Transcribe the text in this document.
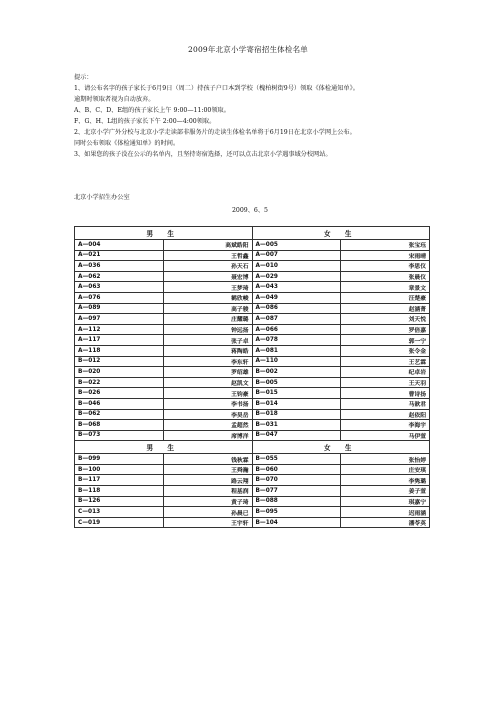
2009年北京小学寄宿招生体检名单
提示：
1、请公布名字的孩子家长于6月9日（周二）持孩子户口本到学校（槐柏树街9号）领取《体检通知单》。
逾期时领取者视为自动放弃。
A、B、C、D、E组的孩子家长上午 9:00—11:00领取。
F、G、H、L组的孩子家长下午 2:00—4:00领取。
2、北京小学广外分校与北京小学走读部非服务片的走读生体检名单将于6月19日在北京小学网上公布。
同时公布领取《体检通知单》的时间。
3、如果您的孩子没在公示的名单内，且坚持寄宿选择，还可以点击北京小学遇事域分校网站。
北京小学招生办公室
2009、6、5
男 生		女 生	
A—004	高斌皓阳	A—005	张宝珏
A—021	王哲鑫	A—007	宋雨晴
A—036	孙天石	A—010	李思仪
A—062	聂宏博	A—029	张晨仪
A—063	王梦琦	A—043	章景文
A—076	鹤欣峻	A—049	汪楚豪
A—089	高子骏	A—086	赵涵菁
A—097	庄耀璐	A—087	刘天悦
A—112	钟远扬	A—066	罗倍嘉
A—117	张子卓	A—078	郭一宁
A—118	蒋陶皓	A—081	张令金
B—012	李东轩	A—110	王艺霖
B—020	罗绍雄	B—002	纪卓岩
B—022	赵凯文	B—005	王天羽
B—026	王钧豪	B—015	曹诗扬
B—046	李书扬	B—014	马歆君
B—062	李昊岳	B—018	赵依阳
B—068	孟超然	B—031	李海宇
B—073	席博洋	B—047	马伊萱
男 生		女 生	
B—099	钱秋霖	B—055	张怡婷
B—100	王舜瀚	B—060	庄安琪
B—117	路云翔	B—070	李隽璐
B—118	程基润	B—077	姜子萱
B—126	黄子琦	B—088	琪嘉宁
C—013	孙晨已	B—095	迟雨涵
C—019	王宇轩	B—104	潘苓英
